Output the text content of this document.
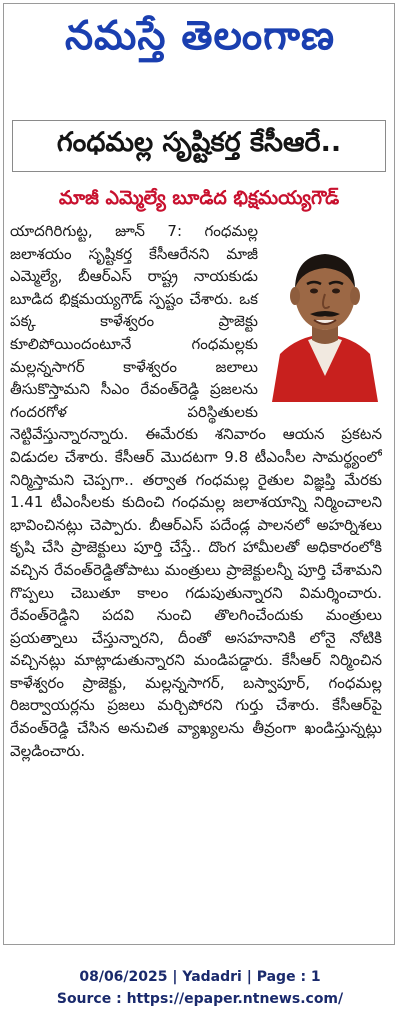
నమస్తే తెలంగాణ
గంధమల్ల సృష్టికర్త కేసీఆరే..
మాజీ ఎమ్మెల్యే బూడిద భిక్షమయ్యగౌడ్
యాదగిరిగుట్ట, జూన్ 7: గంధమల్ల జలాశయం సృష్టికర్త కేసీఆరేనని మాజీ ఎమ్మెల్యే, బీఆర్‌ఎస్ రాష్ట్ర నాయకుడు బూడిద భిక్షమయ్యగౌడ్ స్పష్టం చేశారు. ఒక పక్క కాళేశ్వరం ప్రాజెక్టు కూలిపోయిందంటూనే గంధమల్లకు మల్లన్నసాగర్ కాళేశ్వరం జలాలు తీసుకొస్తామని సీఎం రేవంత్‌రెడ్డి ప్రజలను గందరగోళ పరిస్థితులకు నెట్టివేస్తున్నారన్నారు. ఈమేరకు శనివారం ఆయన ప్రకటన విడుదల చేశారు. కేసీఆర్ మొదటగా 9.8 టీఎంసీల సామర్థ్యంలో నిర్మిస్తామని చెప్పగా.. తర్వాత గంధమల్ల రైతుల విజ్ఞప్తి మేరకు 1.41 టీఎంసీలకు కుదించి గంధమల్ల జలాశయాన్ని నిర్మించాలని భావించినట్లు చెప్పారు. బీఆర్‌ఎస్ పదేండ్ల పాలనలో అహర్నిశలు కృషి చేసి ప్రాజెక్టులు పూర్తి చేస్తే.. దొంగ హామీలతో అధికారంలోకి వచ్చిన రేవంత్‌రెడ్డితోపాటు మంత్రులు ప్రాజెక్టులన్నీ పూర్తి చేశామని గొప్పలు చెబుతూ కాలం గడుపుతున్నారని విమర్శించారు. రేవంత్‌రెడ్డిని పదవి నుంచి తొలగించేందుకు మంత్రులు ప్రయత్నాలు చేస్తున్నారని, దీంతో అసహనానికి లోనై నోటికి వచ్చినట్లు మాట్లాడుతున్నారని మండిపడ్డారు. కేసీఆర్ నిర్మించిన కాళేశ్వరం ప్రాజెక్టు, మల్లన్నసాగర్, బస్వాపూర్, గంధమల్ల రిజర్వాయర్లను ప్రజలు మర్చిపోరని గుర్తు చేశారు. కేసీఆర్‌పై రేవంత్‌రెడ్డి చేసిన అనుచిత వ్యాఖ్యలను తీవ్రంగా ఖండిస్తున్నట్లు వెల్లడించారు.
08/06/2025 | Yadadri | Page : 1
Source : https://epaper.ntnews.com/
